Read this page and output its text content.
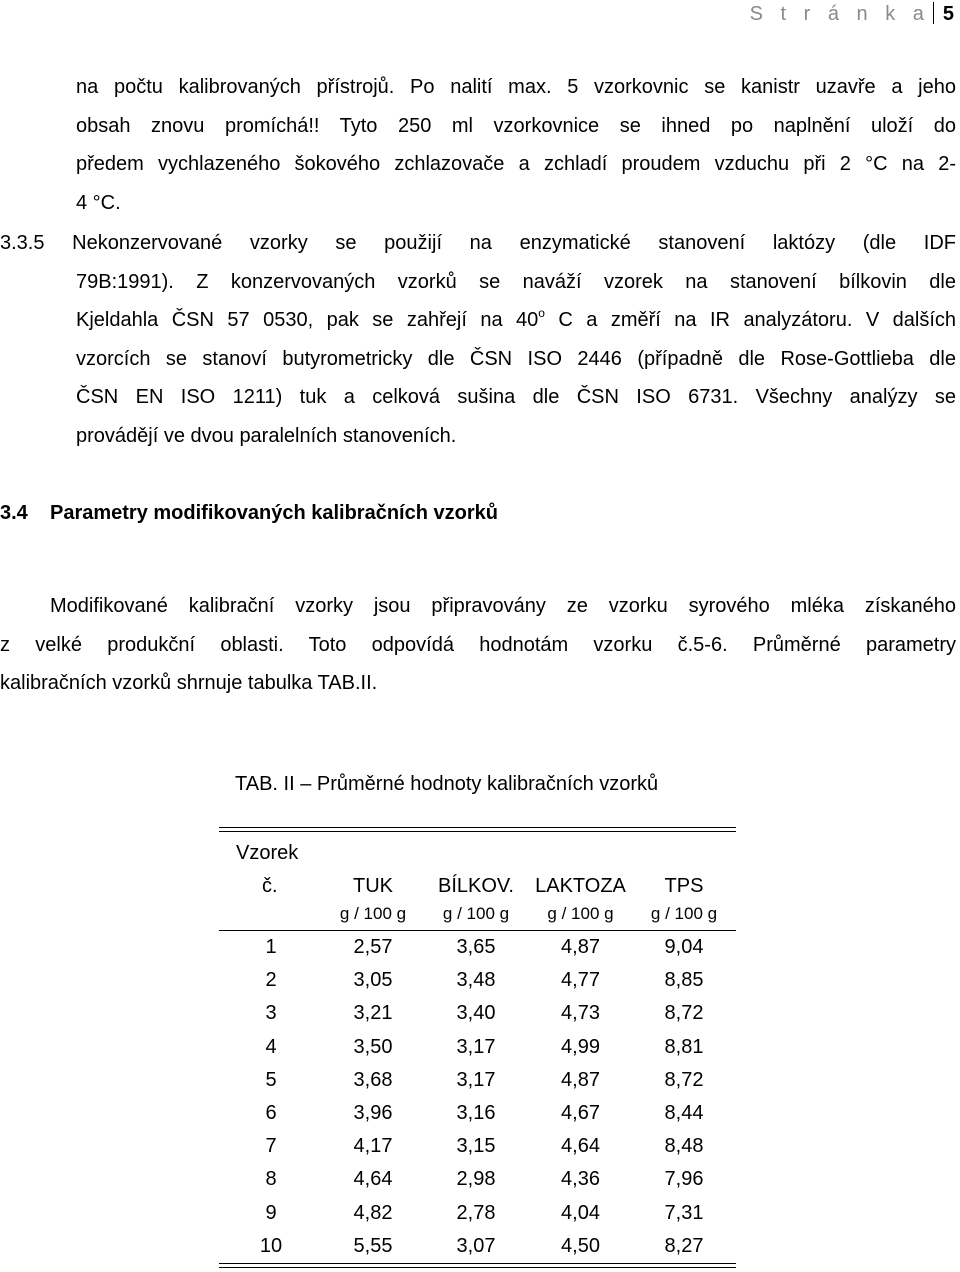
S t r á n k a 5
na počtu kalibrovaných přístrojů. Po nalití max. 5 vzorkovnic se kanistr uzavře a jeho
obsah znovu promíchá!! Tyto 250 ml vzorkovnice se ihned po naplnění uloží do
předem vychlazeného šokového zchlazovače a zchladí proudem vzduchu při 2 °C na 2-
4 °C.
3.3.5 Nekonzervované vzorky se použijí na enzymatické stanovení laktózy (dle IDF
79B:1991). Z konzervovaných vzorků se naváží vzorek na stanovení bílkovin dle
Kjeldahla ČSN 57 0530, pak se zahřejí na 40$^o$ C a změří na IR analyzátoru. V dalších
vzorcích se stanoví butyrometricky dle ČSN ISO 2446 (případně dle Rose-Gottlieba dle
ČSN EN ISO 1211) tuk a celková sušina dle ČSN ISO 6731. Všechny analýzy se
provádějí ve dvou paralelních stanoveních.
3.4 Parametry modifikovaných kalibračních vzorků
Modifikované kalibrační vzorky jsou připravovány ze vzorku syrového mléka získaného
z velké produkční oblasti. Toto odpovídá hodnotám vzorku č.5-6. Průměrné parametry
kalibračních vzorků shrnuje tabulka TAB.II.

TAB. II – Průměrné hodnoty kalibračních vzorků

Vzorek				
č.	TUK	BÍLKOV.	LAKTOZA	TPS
	g / 100 g	g / 100 g	g / 100 g	g / 100 g

1	2,57	3,65	4,87	9,04
2	3,05	3,48	4,77	8,85
3	3,21	3,40	4,73	8,72
4	3,50	3,17	4,99	8,81
5	3,68	3,17	4,87	8,72
6	3,96	3,16	4,67	8,44
7	4,17	3,15	4,64	8,48
8	4,64	2,98	4,36	7,96
9	4,82	2,78	4,04	7,31
10	5,55	3,07	4,50	8,27
